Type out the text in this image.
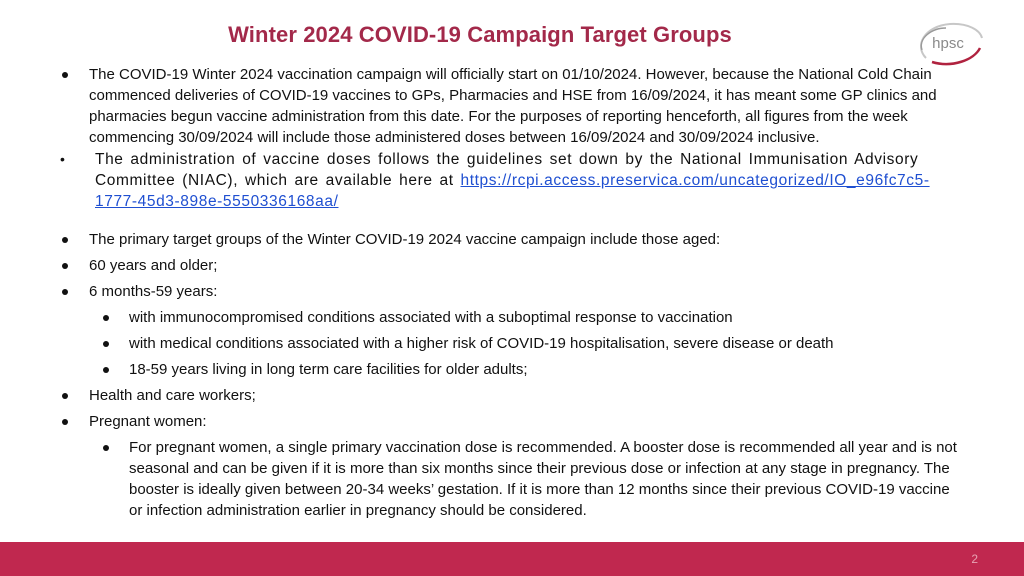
Winter 2024 COVID-19 Campaign Target Groups	hpsc
The COVID-19 Winter 2024 vaccination campaign will officially start on 01/10/2024. However, because the National Cold Chain commenced deliveries of COVID-19 vaccines to GPs, Pharmacies and HSE from 16/09/2024, it has meant some GP clinics and pharmacies begun vaccine administration from this date. For the purposes of reporting henceforth, all figures from the week commencing 30/09/2024 will include those administered doses between 16/09/2024 and 30/09/2024 inclusive.
• The administration of vaccine doses follows the guidelines set down by the National Immunisation Advisory Committee (NIAC), which are available here at https://rcpi.access.preservica.com/uncategorized/IO_e96fc7c5-1777-45d3-898e-5550336168aa/
The primary target groups of the Winter COVID-19 2024 vaccine campaign include those aged:
60 years and older;
6 months-59 years:
with immunocompromised conditions associated with a suboptimal response to vaccination
with medical conditions associated with a higher risk of COVID-19 hospitalisation, severe disease or death
18-59 years living in long term care facilities for older adults;
Health and care workers;
Pregnant women:
For pregnant women, a single primary vaccination dose is recommended. A booster dose is recommended all year and is not seasonal and can be given if it is more than six months since their previous dose or infection at any stage in pregnancy. The booster is ideally given between 20-34 weeks’ gestation. If it is more than 12 months since their previous COVID-19 vaccine or infection administration earlier in pregnancy should be considered.
2
